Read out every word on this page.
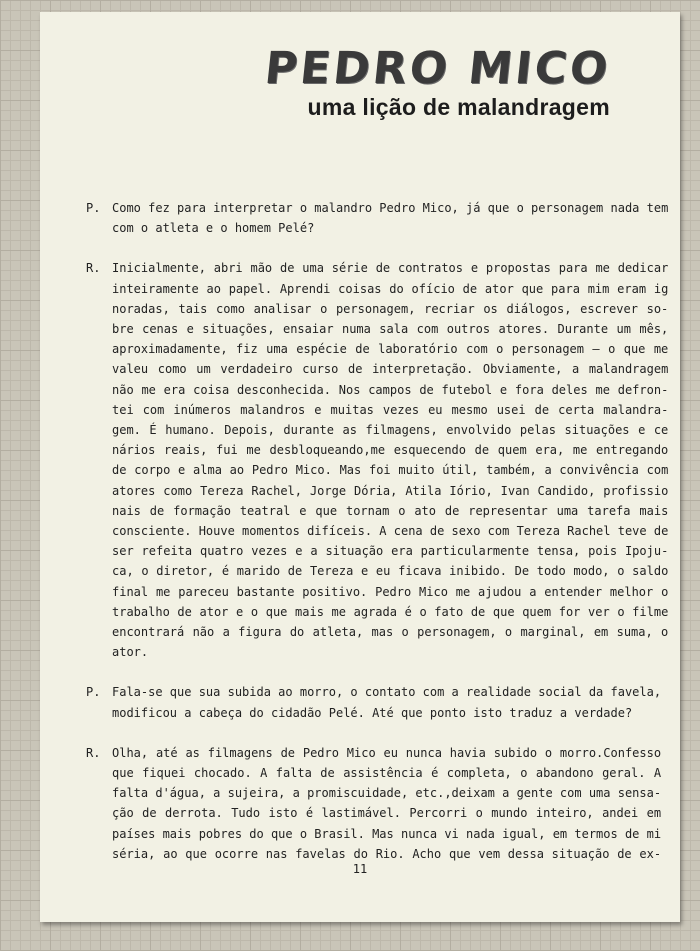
PEDRO MICO
uma lição de malandragem
P. Como fez para interpretar o malandro Pedro Mico, já que o personagem nada tem
com o atleta e o homem Pelé?
R. Inicialmente, abri mão de uma série de contratos e propostas para me dedicar
inteiramente ao papel. Aprendi coisas do ofício de ator que para mim eram ig
noradas, tais como analisar o personagem, recriar os diálogos, escrever so-
bre cenas e situações, ensaiar numa sala com outros atores. Durante um mês,
aproximadamente, fiz uma espécie de laboratório com o personagem — o que me
valeu como um verdadeiro curso de interpretação. Obviamente, a malandragem
não me era coisa desconhecida. Nos campos de futebol e fora deles me defron-
tei com inúmeros malandros e muitas vezes eu mesmo usei de certa malandra-
gem. É humano. Depois, durante as filmagens, envolvido pelas situações e ce
nários reais, fui me desbloqueando,me esquecendo de quem era, me entregando
de corpo e alma ao Pedro Mico. Mas foi muito útil, também, a convivência com
atores como Tereza Rachel, Jorge Dória, Atila Iório, Ivan Candido, profissio
nais de formação teatral e que tornam o ato de representar uma tarefa mais
consciente. Houve momentos difíceis. A cena de sexo com Tereza Rachel teve de
ser refeita quatro vezes e a situação era particularmente tensa, pois Ipoju-
ca, o diretor, é marido de Tereza e eu ficava inibido. De todo modo, o saldo
final me pareceu bastante positivo. Pedro Mico me ajudou a entender melhor o
trabalho de ator e o que mais me agrada é o fato de que quem for ver o filme
encontrará não a figura do atleta, mas o personagem, o marginal, em suma, o
ator.
P. Fala-se que sua subida ao morro, o contato com a realidade social da favela,
modificou a cabeça do cidadão Pelé. Até que ponto isto traduz a verdade?
R. Olha, até as filmagens de Pedro Mico eu nunca havia subido o morro.Confesso
que fiquei chocado. A falta de assistência é completa, o abandono geral. A
falta d'água, a sujeira, a promiscuidade, etc.,deixam a gente com uma sensa-
ção de derrota. Tudo isto é lastimável. Percorri o mundo inteiro, andei em
países mais pobres do que o Brasil. Mas nunca vi nada igual, em termos de mi
séria, ao que ocorre nas favelas do Rio. Acho que vem dessa situação de ex-
11
